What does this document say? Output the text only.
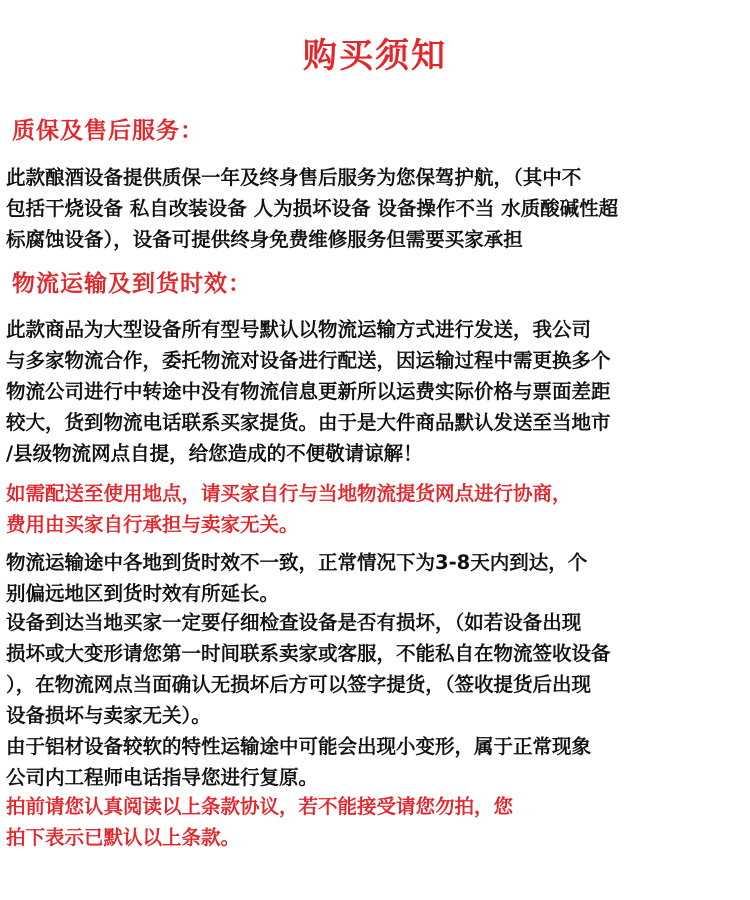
购买须知
质保及售后服务：
此款酿酒设备提供质保一年及终身售后服务为您保驾护航，（其中不
包括干烧设备 私自改装设备 人为损坏设备 设备操作不当 水质酸碱性超
标腐蚀设备），设备可提供终身免费维修服务但需要买家承担
物流运输及到货时效：
此款商品为大型设备所有型号默认以物流运输方式进行发送，我公司
与多家物流合作，委托物流对设备进行配送，因运输过程中需更换多个
物流公司进行中转途中没有物流信息更新所以运费实际价格与票面差距
较大，货到物流电话联系买家提货。由于是大件商品默认发送至当地市
/县级物流网点自提，给您造成的不便敬请谅解！
如需配送至使用地点，请买家自行与当地物流提货网点进行协商，
费用由买家自行承担与卖家无关。
物流运输途中各地到货时效不一致，正常情况下为3-8天内到达，个
别偏远地区到货时效有所延长。
设备到达当地买家一定要仔细检查设备是否有损坏，（如若设备出现
损坏或大变形请您第一时间联系卖家或客服，不能私自在物流签收设备
），在物流网点当面确认无损坏后方可以签字提货，（签收提货后出现
设备损坏与卖家无关）。
由于铝材设备较软的特性运输途中可能会出现小变形，属于正常现象
公司内工程师电话指导您进行复原。
拍前请您认真阅读以上条款协议，若不能接受请您勿拍，您
拍下表示已默认以上条款。
